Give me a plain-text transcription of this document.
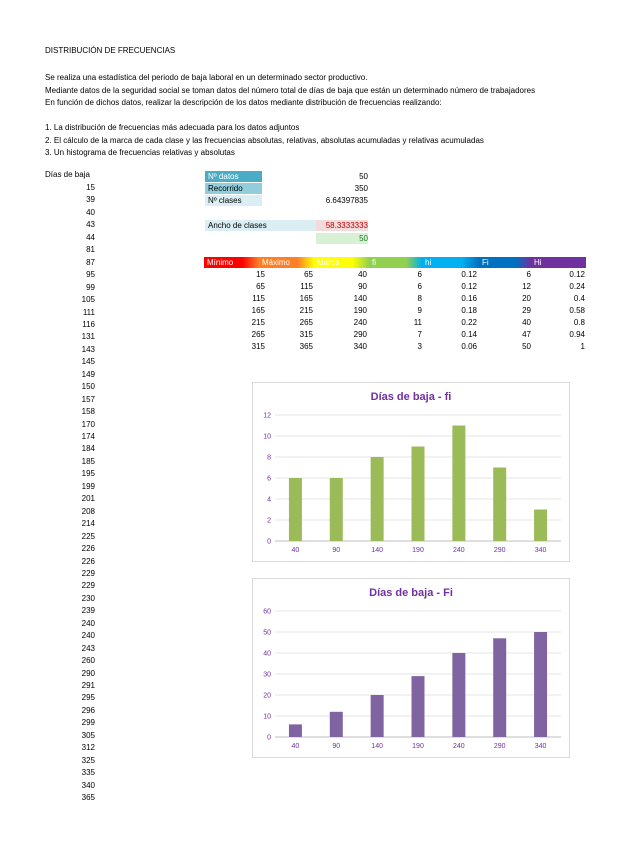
DISTRIBUCIÓN DE FRECUENCIAS
Se realiza una estadística del periodo de baja laboral en un determinado sector productivo.
Mediante datos de la seguridad social se toman datos del número total de días de baja que están un determinado número de trabajadores
En función de dichos datos, realizar la descripción de los datos mediante distribución de frecuencias realizando:
1. La distribución de frecuencias más adecuada para los datos adjuntos
2. El cálculo de la marca de cada clase y las frecuencias absolutas, relativas, absolutas acumuladas y relativas acumuladas
3. Un histograma de frecuencias relativas y absolutas
Días de baja
15
39
40
43
44
81
87
95
99
105
111
116
131
143
145
149
150
157
158
170
174
184
185
195
199
201
208
214
225
226
226
229
229
230
239
240
240
243
260
290
291
295
296
299
305
312
325
335
340
365
Nº datos	50
Recorrido	350
Nº clases	6.64397835
Ancho de clases	58.3333333
50
Mínimo	Máximo	Marca	fi	hi	Fi	Hi
15	65	40	6	0.12	6	0.12
65	115	90	6	0.12	12	0.24
115	165	140	8	0.16	20	0.4
165	215	190	9	0.18	29	0.58
215	265	240	11	0.22	40	0.8
265	315	290	7	0.14	47	0.94
315	365	340	3	0.06	50	1
Días de baja - fi
0
2
4
6
8
10
12
40	90	140	190	240	290	340
Días de baja - Fi
0
10
20
30
40
50
60
40	90	140	190	240	290	340
